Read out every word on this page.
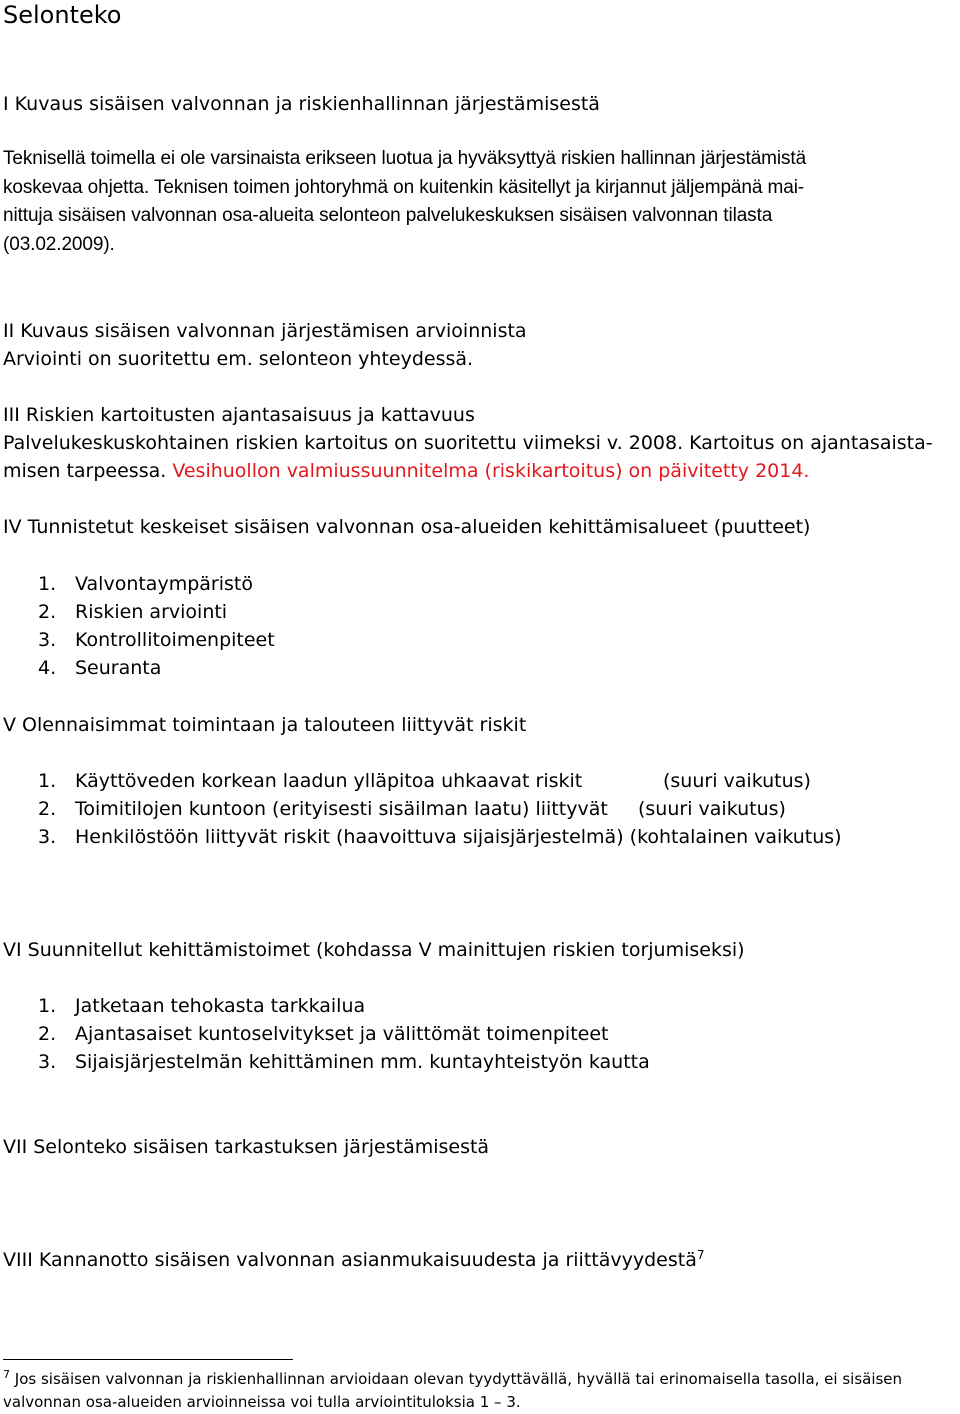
Selonteko
I Kuvaus sisäisen valvonnan ja riskienhallinnan järjestämisestä
Teknisellä toimella ei ole varsinaista erikseen luotua ja hyväksyttyä riskien hallinnan järjestämistä
koskevaa ohjetta. Teknisen toimen johtoryhmä on kuitenkin käsitellyt ja kirjannut jäljempänä mai-
nittuja sisäisen valvonnan osa-alueita selonteon palvelukeskuksen sisäisen valvonnan tilasta
(03.02.2009).
II Kuvaus sisäisen valvonnan järjestämisen arvioinnista
Arviointi on suoritettu em. selonteon yhteydessä.
III Riskien kartoitusten ajantasaisuus ja kattavuus
Palvelukeskuskohtainen riskien kartoitus on suoritettu viimeksi v. 2008. Kartoitus on ajantasaista-
misen tarpeessa. Vesihuollon valmiussuunnitelma (riskikartoitus) on päivitetty 2014.
IV Tunnistetut keskeiset sisäisen valvonnan osa-alueiden kehittämisalueet (puutteet)
1. Valvontaympäristö
2. Riskien arviointi
3. Kontrollitoimenpiteet
4. Seuranta
V Olennaisimmat toimintaan ja talouteen liittyvät riskit
1. Käyttöveden korkean laadun ylläpitoa uhkaavat riskit	(suuri vaikutus)
2. Toimitilojen kuntoon (erityisesti sisäilman laatu) liittyvät (suuri vaikutus)
3. Henkilöstöön liittyvät riskit (haavoittuva sijaisjärjestelmä) (kohtalainen vaikutus)
VI Suunnitellut kehittämistoimet (kohdassa V mainittujen riskien torjumiseksi)
1. Jatketaan tehokasta tarkkailua
2. Ajantasaiset kuntoselvitykset ja välittömät toimenpiteet
3. Sijaisjärjestelmän kehittäminen mm. kuntayhteistyön kautta
VII Selonteko sisäisen tarkastuksen järjestämisestä
VIII Kannanotto sisäisen valvonnan asianmukaisuudesta ja riittävyydestä$^7$
$^7$ Jos sisäisen valvonnan ja riskienhallinnan arvioidaan olevan tyydyttävällä, hyvällä tai erinomaisella tasolla, ei sisäisen
valvonnan osa-alueiden arvioinneissa voi tulla arviointituloksia 1 – 3.
